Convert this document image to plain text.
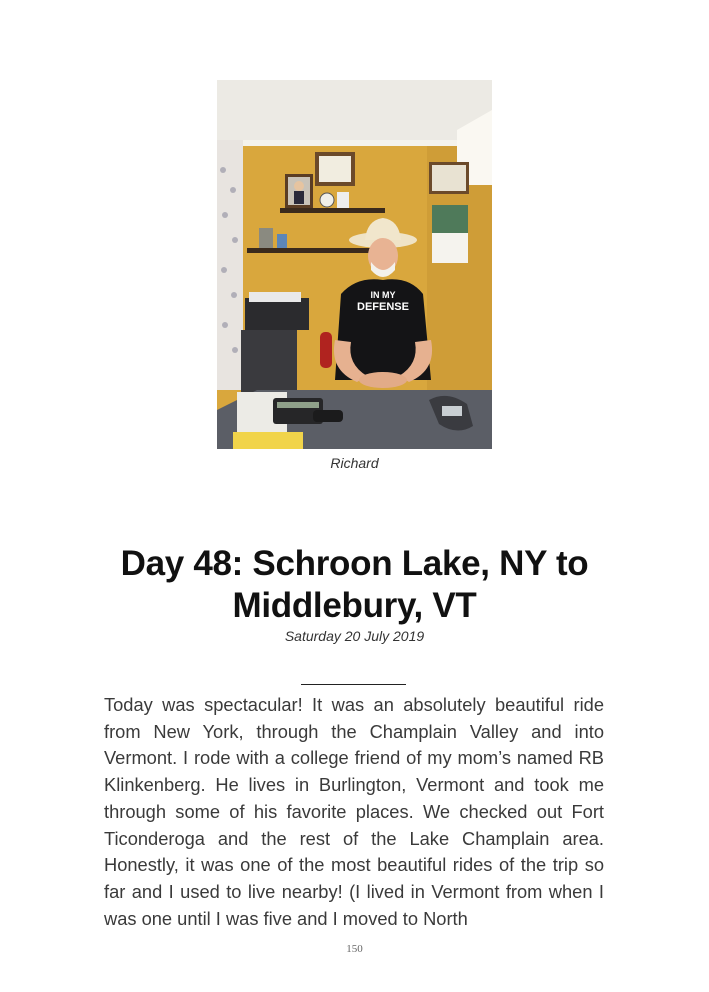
IN MY
DEFENSE
Richard
Day 48: Schroon Lake, NY to Middlebury, VT
Saturday 20 July 2019

Today was spectacular! It was an absolutely beautiful ride from New York, through the Champlain Valley and into Vermont. I rode with a college friend of my mom’s named RB Klinkenberg. He lives in Burlington, Vermont and took me through some of his favorite places. We checked out Fort Ticonderoga and the rest of the Lake Champlain area. Honestly, it was one of the most beautiful rides of the trip so far and I used to live nearby! (I lived in Vermont from when I was one until I was five and I moved to North

150
